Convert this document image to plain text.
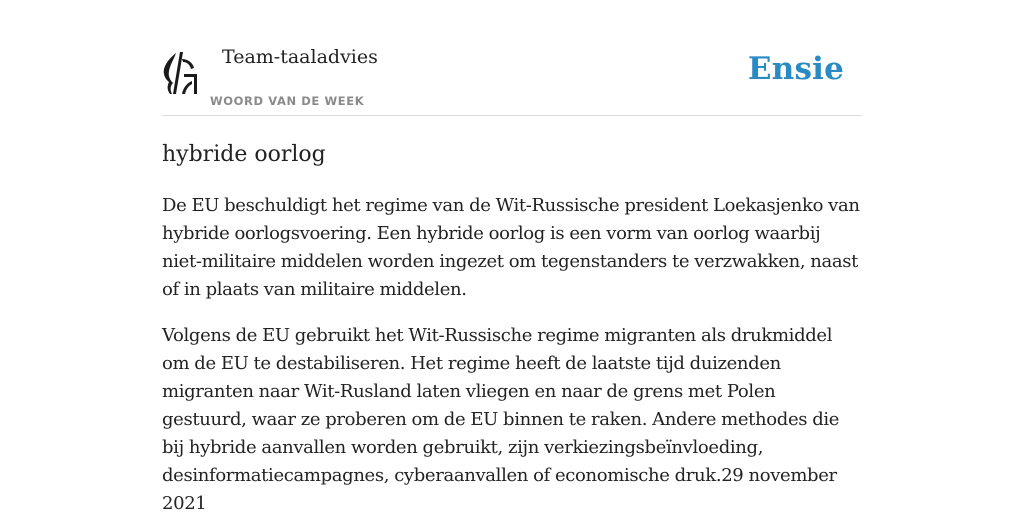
Team-taaladvies
WOORD VAN DE WEEK
Ensie
hybride oorlog

De EU beschuldigt het regime van de Wit-Russische president Loekasjenko van hybride oorlogsvoering. Een hybride oorlog is een vorm van oorlog waarbij niet-militaire middelen worden ingezet om tegenstanders te verzwakken, naast of in plaats van militaire middelen.

Volgens de EU gebruikt het Wit-Russische regime migranten als drukmiddel om de EU te destabiliseren. Het regime heeft de laatste tijd duizenden migranten naar Wit-Rusland laten vliegen en naar de grens met Polen gestuurd, waar ze proberen om de EU binnen te raken. Andere methodes die bij hybride aanvallen worden gebruikt, zijn verkiezingsbeïnvloeding, desinformatiecampagnes, cyberaanvallen of economische druk.29 november 2021
